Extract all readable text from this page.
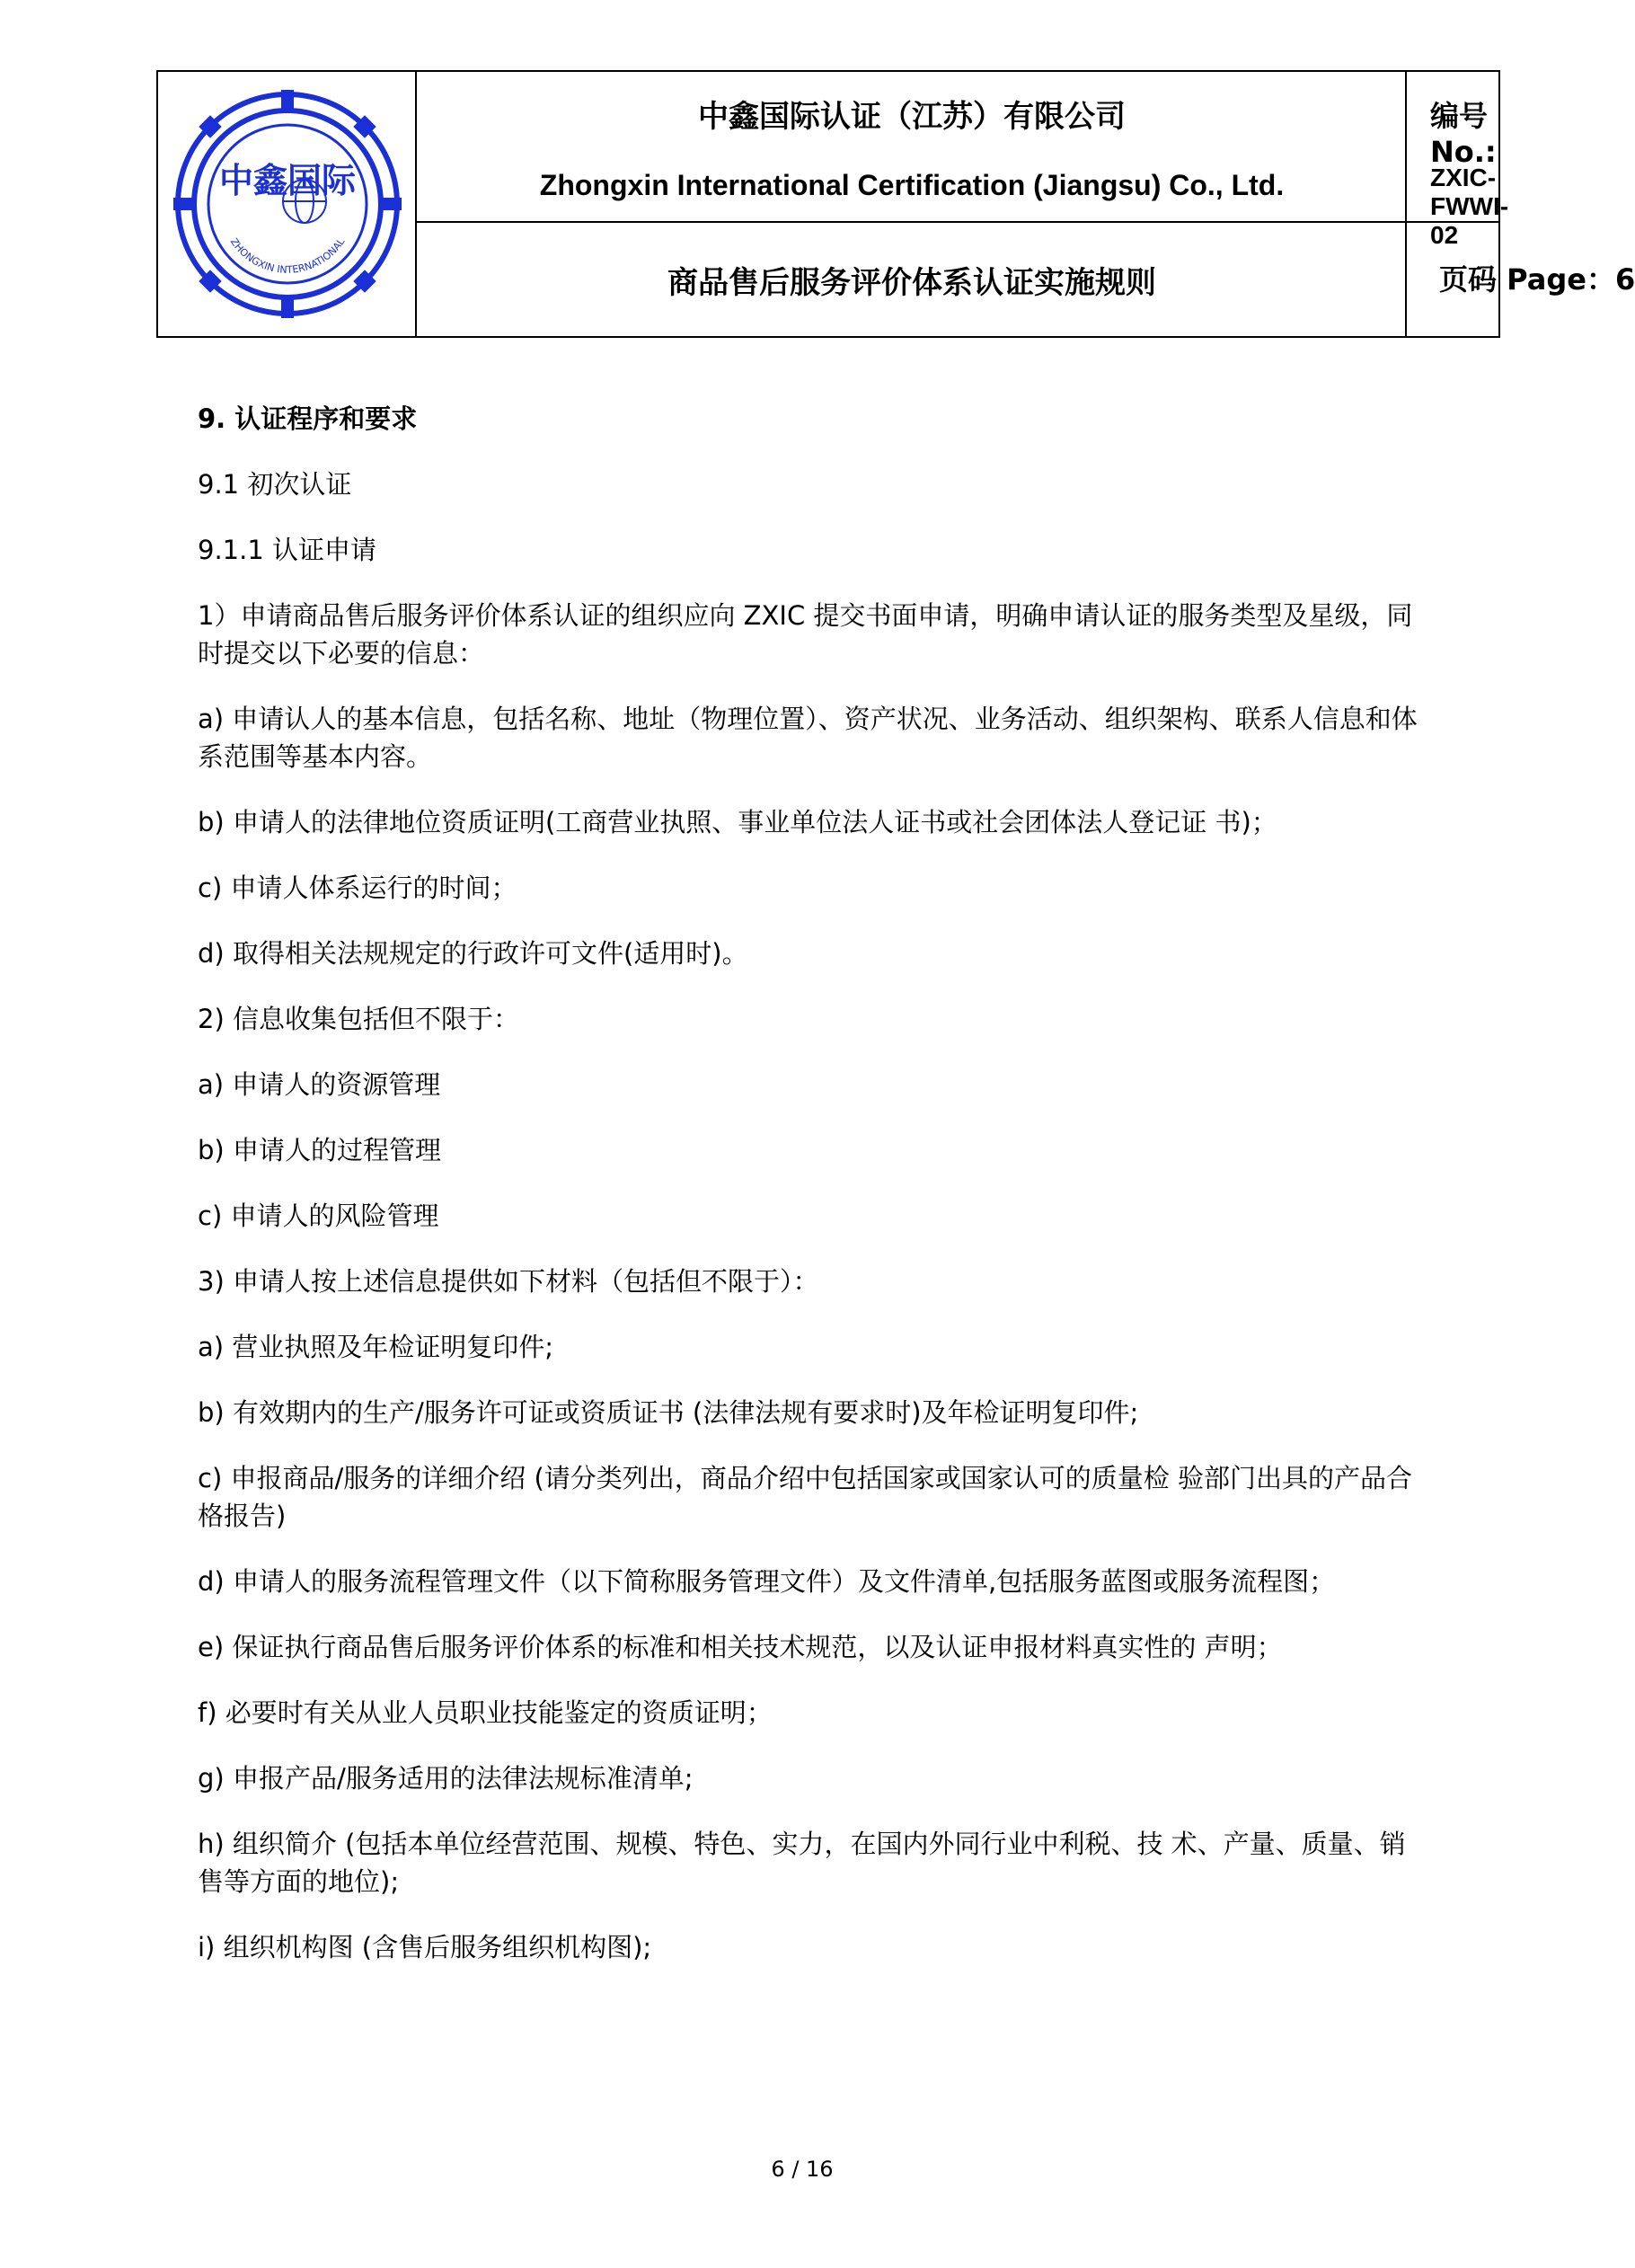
中鑫国际
ZHONGXIN INTERNATIONAL
中鑫国际认证（江苏）有限公司
Zhongxin International Certification (Jiangsu) Co., Ltd.
商品售后服务评价体系认证实施规则
编号 No.:
ZXIC-FWWI-02
页码 Page：6

9. 认证程序和要求

9.1 初次认证

9.1.1 认证申请

1）申请商品售后服务评价体系认证的组织应向 ZXIC 提交书面申请，明确申请认证的服务类型及星级，同时提交以下必要的信息：

a) 申请认人的基本信息，包括名称、地址（物理位置）、资产状况、业务活动、组织架构、联系人信息和体系范围等基本内容。

b) 申请人的法律地位资质证明(工商营业执照、事业单位法人证书或社会团体法人登记证 书)；

c) 申请人体系运行的时间；

d) 取得相关法规规定的行政许可文件(适用时)。

2) 信息收集包括但不限于：

a) 申请人的资源管理

b) 申请人的过程管理

c) 申请人的风险管理

3) 申请人按上述信息提供如下材料（包括但不限于）：

a) 营业执照及年检证明复印件;

b) 有效期内的生产/服务许可证或资质证书 (法律法规有要求时)及年检证明复印件;

c) 申报商品/服务的详细介绍 (请分类列出，商品介绍中包括国家或国家认可的质量检 验部门出具的产品合格报告)

d) 申请人的服务流程管理文件（以下简称服务管理文件）及文件清单,包括服务蓝图或服务流程图；

e) 保证执行商品售后服务评价体系的标准和相关技术规范，以及认证申报材料真实性的 声明；

f) 必要时有关从业人员职业技能鉴定的资质证明；

g) 申报产品/服务适用的法律法规标准清单;

h) 组织简介 (包括本单位经营范围、规模、特色、实力，在国内外同行业中利税、技 术、产量、质量、销售等方面的地位);

i) 组织机构图 (含售后服务组织机构图);

6 / 16
